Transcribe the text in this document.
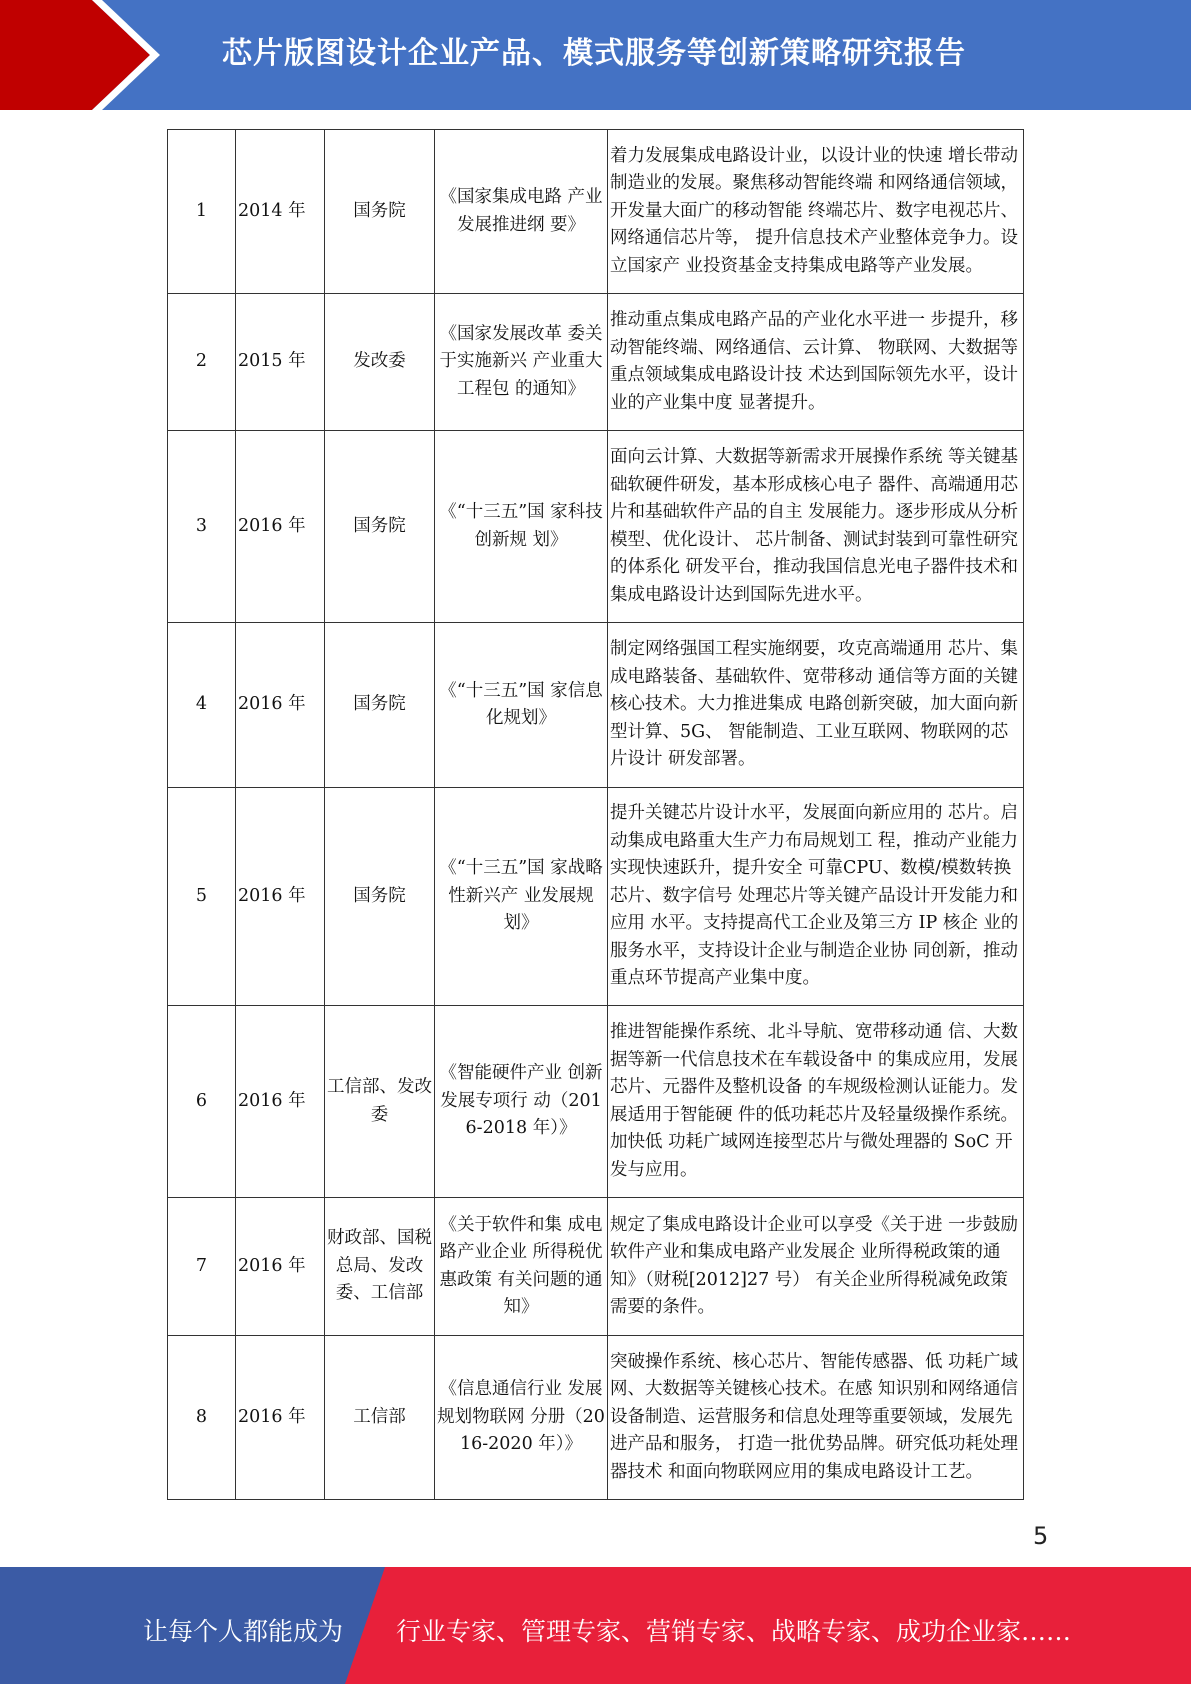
芯片版图设计企业产品、模式服务等创新策略研究报告
1	2014 年	国务院	《国家集成电路 产业发展推进纲 要》	着力发展集成电路设计业，以设计业的快速 增长带动制造业的发展。聚焦移动智能终端 和网络通信领域，开发量大面广的移动智能 终端芯片、数字电视芯片、网络通信芯片等， 提升信息技术产业整体竞争力。设立国家产 业投资基金支持集成电路等产业发展。
2	2015 年	发改委	《国家发展改革 委关于实施新兴 产业重大工程包 的通知》	推动重点集成电路产品的产业化水平进一 步提升，移动智能终端、网络通信、云计算、 物联网、大数据等重点领域集成电路设计技 术达到国际领先水平，设计业的产业集中度 显著提升。
3	2016 年	国务院	《“十三五”国 家科技创新规 划》	面向云计算、大数据等新需求开展操作系统 等关键基础软硬件研发，基本形成核心电子 器件、高端通用芯片和基础软件产品的自主 发展能力。逐步形成从分析模型、优化设计、 芯片制备、测试封装到可靠性研究的体系化 研发平台，推动我国信息光电子器件技术和 集成电路设计达到国际先进水平。
4	2016 年	国务院	《“十三五”国 家信息化规划》	制定网络强国工程实施纲要，攻克高端通用 芯片、集成电路装备、基础软件、宽带移动 通信等方面的关键核心技术。大力推进集成 电路创新突破，加大面向新型计算、5G、 智能制造、工业互联网、物联网的芯片设计 研发部署。
5	2016 年	国务院	《“十三五”国 家战略性新兴产 业发展规划》	提升关键芯片设计水平，发展面向新应用的 芯片。启动集成电路重大生产力布局规划工 程，推动产业能力实现快速跃升，提升安全 可靠CPU、数模/模数转换芯片、数字信号 处理芯片等关键产品设计开发能力和应用 水平。支持提高代工企业及第三方 IP 核企 业的服务水平，支持设计企业与制造企业协 同创新，推动重点环节提高产业集中度。
6	2016 年	工信部、发改委	《智能硬件产业 创新发展专项行 动（2016-2018 年）》	推进智能操作系统、北斗导航、宽带移动通 信、大数据等新一代信息技术在车载设备中 的集成应用，发展芯片、元器件及整机设备 的车规级检测认证能力。发展适用于智能硬 件的低功耗芯片及轻量级操作系统。加快低 功耗广域网连接型芯片与微处理器的 SoC 开发与应用。
7	2016 年	财政部、国税总局、发改委、工信部	《关于软件和集 成电路产业企业 所得税优惠政策 有关问题的通 知》	规定了集成电路设计企业可以享受《关于进 一步鼓励软件产业和集成电路产业发展企 业所得税政策的通知》（财税[2012]27 号） 有关企业所得税减免政策需要的条件。
8	2016 年	工信部	《信息通信行业 发展规划物联网 分册（2016-2020 年）》	突破操作系统、核心芯片、智能传感器、低 功耗广域网、大数据等关键核心技术。在感 知识别和网络通信设备制造、运营服务和信息处理等重要领域，发展先进产品和服务， 打造一批优势品牌。研究低功耗处理器技术 和面向物联网应用的集成电路设计工艺。
5
让每个人都能成为 行业专家、管理专家、营销专家、战略专家、成功企业家……
